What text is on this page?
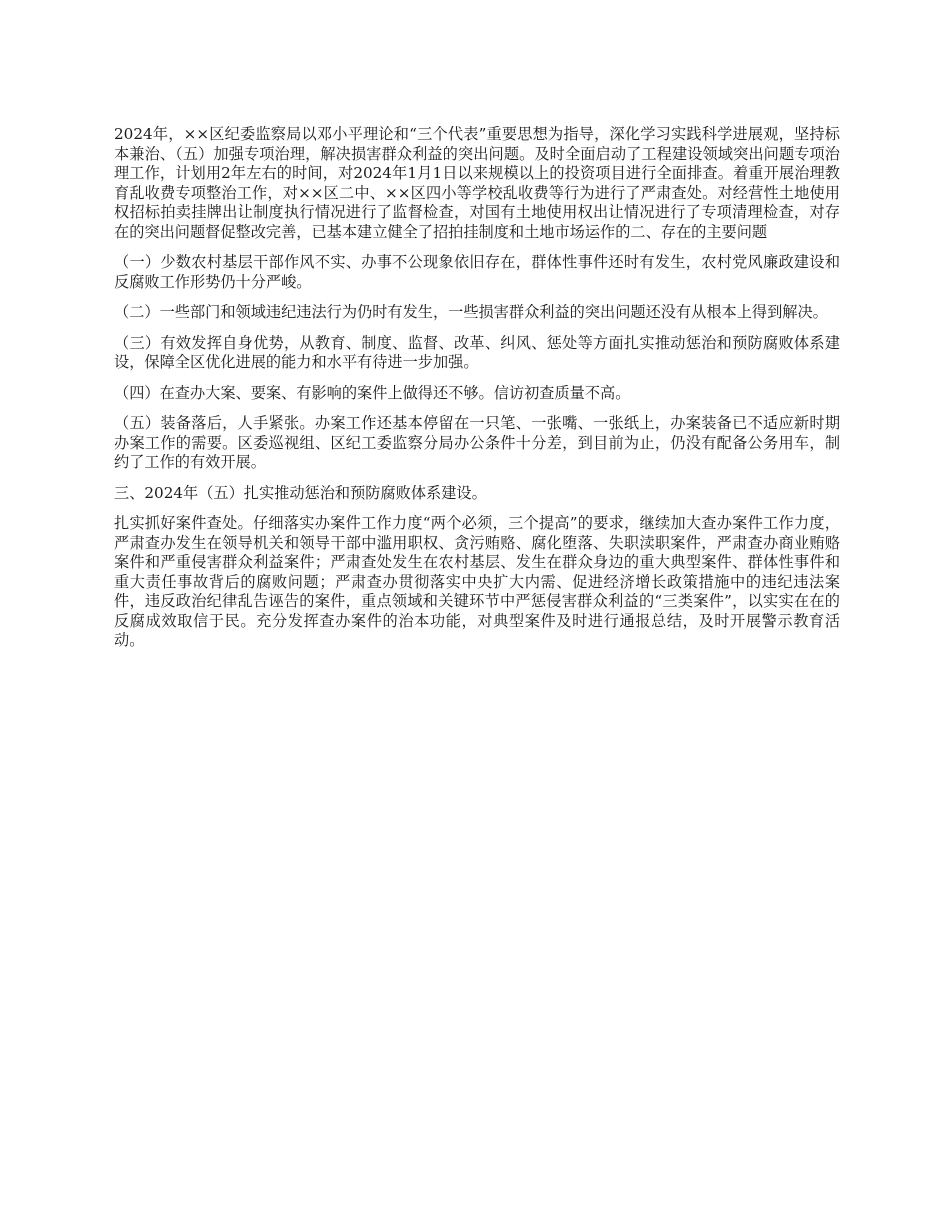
2024年，××区纪委监察局以邓小平理论和“三个代表”重要思想为指导，深化学习实践科学进展观，坚持标本兼治、（五）加强专项治理，解决损害群众利益的突出问题。及时全面启动了工程建设领域突出问题专项治理工作，计划用2年左右的时间，对2024年1月1日以来规模以上的投资项目进行全面排查。着重开展治理教育乱收费专项整治工作，对××区二中、××区四小等学校乱收费等行为进行了严肃查处。对经营性土地使用权招标拍卖挂牌出让制度执行情况进行了监督检查，对国有土地使用权出让情况进行了专项清理检查，对存在的突出问题督促整改完善，已基本建立健全了招拍挂制度和土地市场运作的二、存在的主要问题

（一）少数农村基层干部作风不实、办事不公现象依旧存在，群体性事件还时有发生，农村党风廉政建设和反腐败工作形势仍十分严峻。

（二）一些部门和领域违纪违法行为仍时有发生，一些损害群众利益的突出问题还没有从根本上得到解决。

（三）有效发挥自身优势，从教育、制度、监督、改革、纠风、惩处等方面扎实推动惩治和预防腐败体系建设，保障全区优化进展的能力和水平有待进一步加强。

（四）在查办大案、要案、有影响的案件上做得还不够。信访初查质量不高。

（五）装备落后，人手紧张。办案工作还基本停留在一只笔、一张嘴、一张纸上，办案装备已不适应新时期办案工作的需要。区委巡视组、区纪工委监察分局办公条件十分差，到目前为止，仍没有配备公务用车，制约了工作的有效开展。

三、2024年（五）扎实推动惩治和预防腐败体系建设。

扎实抓好案件查处。仔细落实办案件工作力度“两个必须，三个提高”的要求，继续加大查办案件工作力度，严肃查办发生在领导机关和领导干部中滥用职权、贪污贿赂、腐化堕落、失职渎职案件，严肃查办商业贿赂案件和严重侵害群众利益案件；严肃查处发生在农村基层、发生在群众身边的重大典型案件、群体性事件和重大责任事故背后的腐败问题；严肃查办贯彻落实中央扩大内需、促进经济增长政策措施中的违纪违法案件，违反政治纪律乱告诬告的案件，重点领域和关键环节中严惩侵害群众利益的“三类案件”，以实实在在的反腐成效取信于民。充分发挥查办案件的治本功能，对典型案件及时进行通报总结，及时开展警示教育活动。
